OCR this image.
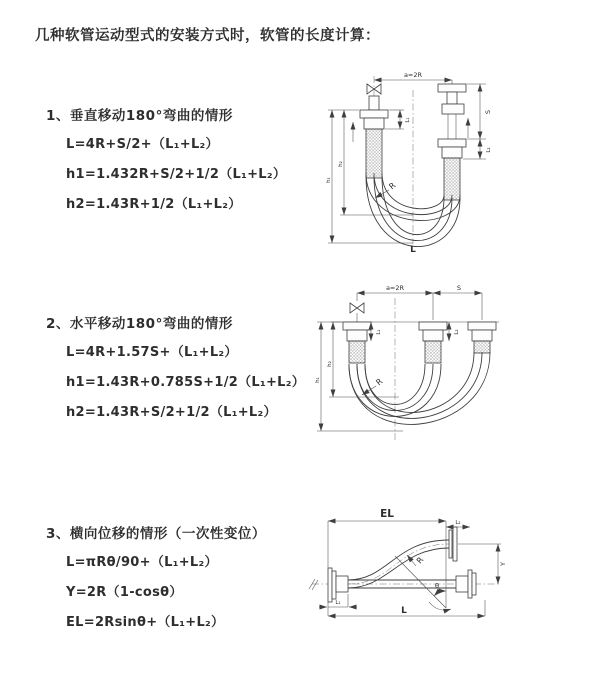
几种软管运动型式的安装方式时，软管的长度计算：
1、垂直移动180°弯曲的情形
L=4R+S/2+（L₁+L₂）
h1=1.432R+S/2+1/2（L₁+L₂）
h2=1.43R+1/2（L₁+L₂）
2、水平移动180°弯曲的情形
L=4R+1.57S+（L₁+L₂）
h1=1.43R+0.785S+1/2（L₁+L₂）
h2=1.43R+S/2+1/2（L₁+L₂）
3、横向位移的情形（一次性变位）
L=πRθ/90+（L₁+L₂）
Y=2R（1-cosθ）
EL=2Rsinθ+（L₁+L₂）
a=2R
S
L₂
L₁
h₁
h₂
R
L
a=2R	S
L₁	L₂
h₁
h₂
R
EL
L₂
Y
R
θ
L
L₁
